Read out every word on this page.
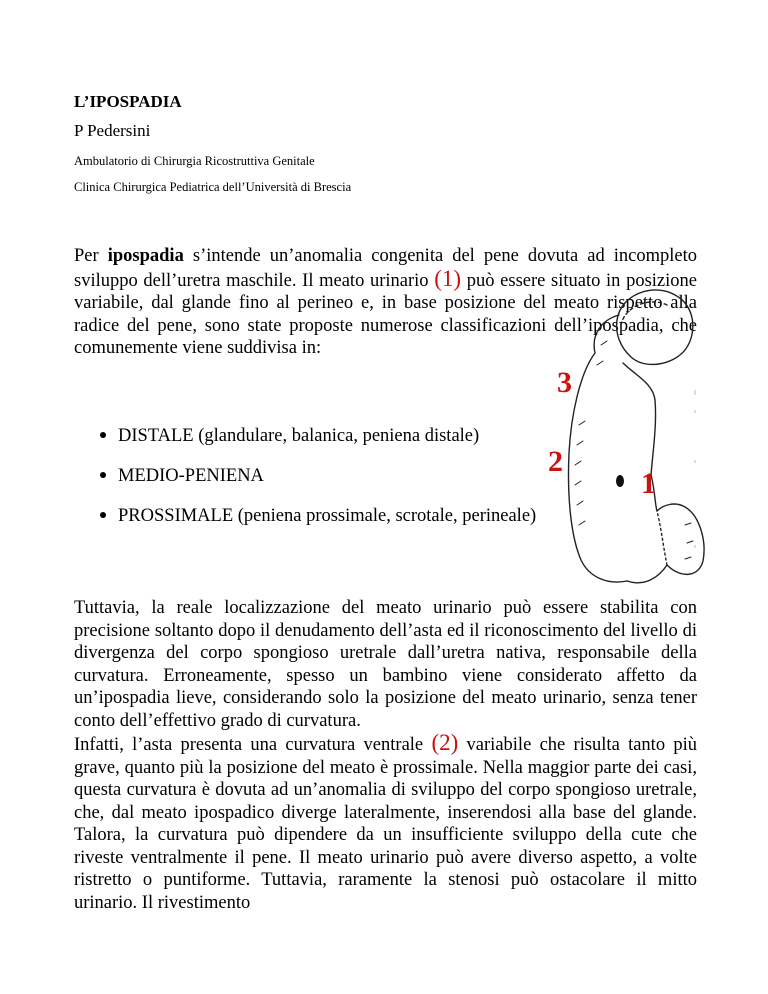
L’IPOSPADIA
P Pedersini
Ambulatorio di Chirurgia Ricostruttiva Genitale
Clinica Chirurgica Pediatrica dell’Università di Brescia
Per ipospadia s’intende un’anomalia congenita del pene dovuta ad incompleto sviluppo dell’uretra maschile. Il meato urinario (1) può essere situato in posizione variabile, dal glande fino al perineo e, in base posizione del meato rispetto alla radice del pene, sono state proposte numerose classificazioni dell’ipospadia, che comunemente viene suddivisa in:
DISTALE (glandulare, balanica, peniena distale)
MEDIO-PENIENA
PROSSIMALE (peniena prossimale, scrotale, perineale)
3
2
1
Tuttavia, la reale localizzazione del meato urinario può essere stabilita con precisione soltanto dopo il denudamento dell’asta ed il riconoscimento del livello di divergenza del corpo spongioso uretrale dall’uretra nativa, responsabile della curvatura. Erroneamente, spesso un bambino viene considerato affetto da un’ipospadia lieve, considerando solo la posizione del meato urinario, senza tener conto dell’effettivo grado di curvatura.
Infatti, l’asta presenta una curvatura ventrale (2) variabile che risulta tanto più grave, quanto più la posizione del meato è prossimale. Nella maggior parte dei casi, questa curvatura è dovuta ad un’anomalia di sviluppo del corpo spongioso uretrale, che, dal meato ipospadico diverge lateralmente, inserendosi alla base del glande. Talora, la curvatura può dipendere da un insufficiente sviluppo della cute che riveste ventralmente il pene. Il meato urinario può avere diverso aspetto, a volte ristretto o puntiforme. Tuttavia, raramente la stenosi può ostacolare il mitto urinario. Il rivestimento
